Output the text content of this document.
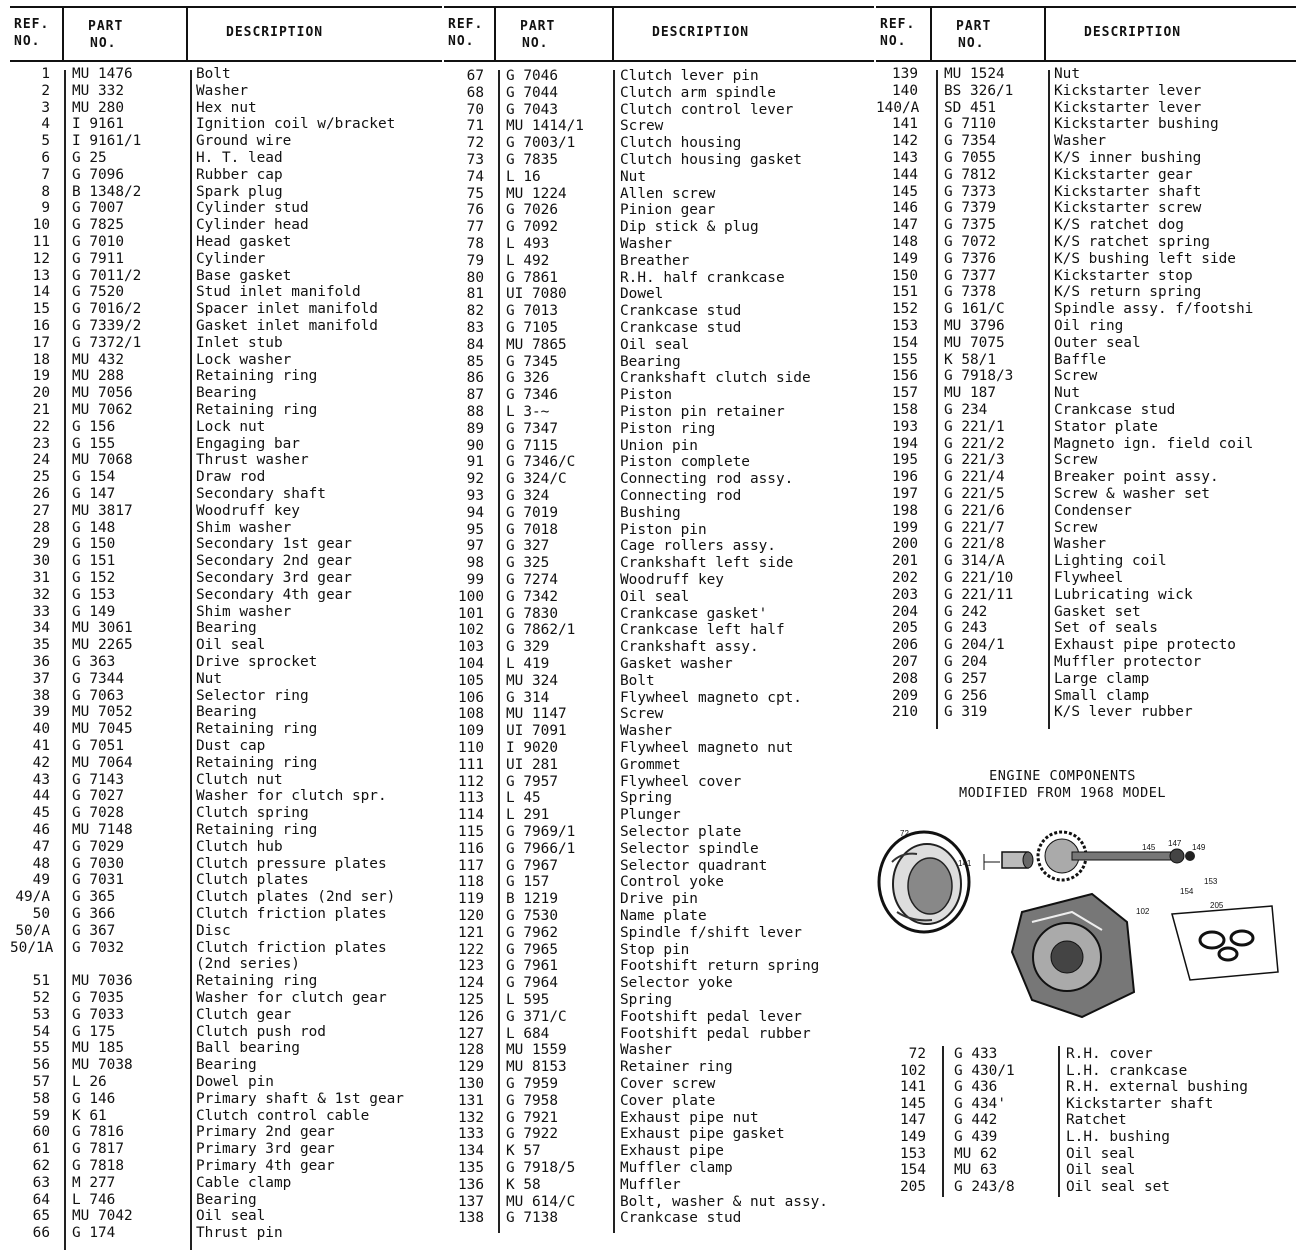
REF.
NO.
PART
NO.
DESCRIPTION
1 MU 1476	Bolt
2 MU 332	Washer
3 MU 280	Hex nut
4 I 9161	Ignition coil w/bracket
5 I 9161/1	Ground wire
6 G 25	H. T. lead
7 G 7096	Rubber cap
8 B 1348/2	Spark plug
9 G 7007	Cylinder stud
10 G 7825	Cylinder head
11 G 7010	Head gasket
12 G 7911	Cylinder
13 G 7011/2	Base gasket
14 G 7520	Stud inlet manifold
15 G 7016/2	Spacer inlet manifold
16 G 7339/2	Gasket inlet manifold
17 G 7372/1	Inlet stub
18 MU 432	Lock washer
19 MU 288	Retaining ring
20 MU 7056	Bearing
21 MU 7062	Retaining ring
22 G 156	Lock nut
23 G 155	Engaging bar
24 MU 7068	Thrust washer
25 G 154	Draw rod
26 G 147	Secondary shaft
27 MU 3817	Woodruff key
28 G 148	Shim washer
29 G 150	Secondary 1st gear
30 G 151	Secondary 2nd gear
31 G 152	Secondary 3rd gear
32 G 153	Secondary 4th gear
33 G 149	Shim washer
34 MU 3061	Bearing
35 MU 2265	Oil seal
36 G 363	Drive sprocket
37 G 7344	Nut
38 G 7063	Selector ring
39 MU 7052	Bearing
40 MU 7045	Retaining ring
41 G 7051	Dust cap
42 MU 7064	Retaining ring
43 G 7143	Clutch nut
44 G 7027	Washer for clutch spr.
45 G 7028	Clutch spring
46 MU 7148	Retaining ring
47 G 7029	Clutch hub
48 G 7030	Clutch pressure plates
49 G 7031	Clutch plates
49/A G 365	Clutch plates (2nd ser)
50 G 366	Clutch friction plates
50/A G 367	Disc
50/1A G 7032	Clutch friction plates
(2nd series)
51 MU 7036	Retaining ring
52 G 7035	Washer for clutch gear
53 G 7033	Clutch gear
54 G 175	Clutch push rod
55 MU 185	Ball bearing
56 MU 7038	Bearing
57 L 26	Dowel pin
58 G 146	Primary shaft & 1st gear
59 K 61	Clutch control cable
60 G 7816	Primary 2nd gear
61 G 7817	Primary 3rd gear
62 G 7818	Primary 4th gear
63 M 277	Cable clamp
64 L 746	Bearing
65 MU 7042	Oil seal
66 G 174	Thrust pin
REF.
NO.
PART
NO.
DESCRIPTION
67 G 7046	Clutch lever pin
68 G 7044	Clutch arm spindle
70 G 7043	Clutch control lever
71 MU 1414/1	Screw
72 G 7003/1	Clutch housing
73 G 7835	Clutch housing gasket
74 L 16	Nut
75 MU 1224	Allen screw
76 G 7026	Pinion gear
77 G 7092	Dip stick & plug
78 L 493	Washer
79 L 492	Breather
80 G 7861	R.H. half crankcase
81 UI 7080	Dowel
82 G 7013	Crankcase stud
83 G 7105	Crankcase stud
84 MU 7865	Oil seal
85 G 7345	Bearing
86 G 326	Crankshaft clutch side
87 G 7346	Piston
88 L 3-~	Piston pin retainer
89 G 7347	Piston ring
90 G 7115	Union pin
91 G 7346/C	Piston complete
92 G 324/C	Connecting rod assy.
93 G 324	Connecting rod
94 G 7019	Bushing
95 G 7018	Piston pin
97 G 327	Cage rollers assy.
98 G 325	Crankshaft left side
99 G 7274	Woodruff key
100 G 7342	Oil seal
101 G 7830	Crankcase gasket'
102 G 7862/1	Crankcase left half
103 G 329	Crankshaft assy.
104 L 419	Gasket washer
105 MU 324	Bolt
106 G 314	Flywheel magneto cpt.
108 MU 1147	Screw
109 UI 7091	Washer
110 I 9020	Flywheel magneto nut
111 UI 281	Grommet
112 G 7957	Flywheel cover
113 L 45	Spring
114 L 291	Plunger
115 G 7969/1	Selector plate
116 G 7966/1	Selector spindle
117 G 7967	Selector quadrant
118 G 157	Control yoke
119 B 1219	Drive pin
120 G 7530	Name plate
121 G 7962	Spindle f/shift lever
122 G 7965	Stop pin
123 G 7961	Footshift return spring
124 G 7964	Selector yoke
125 L 595	Spring
126 G 371/C	Footshift pedal lever
127 L 684	Footshift pedal rubber
128 MU 1559	Washer
129 MU 8153	Retainer ring
130 G 7959	Cover screw
131 G 7958	Cover plate
132 G 7921	Exhaust pipe nut
133 G 7922	Exhaust pipe gasket
134 K 57	Exhaust pipe
135 G 7918/5	Muffler clamp
136 K 58	Muffler
137 MU 614/C	Bolt, washer & nut assy.
138 G 7138	Crankcase stud
REF.
NO.
PART
NO.
DESCRIPTION
139 MU 1524	Nut
140 BS 326/1	Kickstarter lever
140/A SD 451	Kickstarter lever
141 G 7110	Kickstarter bushing
142 G 7354	Washer
143 G 7055	K/S inner bushing
144 G 7812	Kickstarter gear
145 G 7373	Kickstarter shaft
146 G 7379	Kickstarter screw
147 G 7375	K/S ratchet dog
148 G 7072	K/S ratchet spring
149 G 7376	K/S bushing left side
150 G 7377	Kickstarter stop
151 G 7378	K/S return spring
152 G 161/C	Spindle assy. f/footshi
153 MU 3796	Oil ring
154 MU 7075	Outer seal
155 K 58/1	Baffle
156 G 7918/3	Screw
157 MU 187	Nut
158 G 234	Crankcase stud
193 G 221/1	Stator plate
194 G 221/2	Magneto ign. field coil
195 G 221/3	Screw
196 G 221/4	Breaker point assy.
197 G 221/5	Screw & washer set
198 G 221/6	Condenser
199 G 221/7	Screw
200 G 221/8	Washer
201 G 314/A	Lighting coil
202 G 221/10	Flywheel
203 G 221/11	Lubricating wick
204 G 242	Gasket set
205 G 243	Set of seals
206 G 204/1	Exhaust pipe protecto
207 G 204	Muffler protector
208 G 257	Large clamp
209 G 256	Small clamp
210 G 319	K/S lever rubber
ENGINE COMPONENTS
MODIFIED FROM 1968 MODEL
72
141
145 147 149
154
153
102
205
72 G 433	R.H. cover
102 G 430/1	L.H. crankcase
141 G 436	R.H. external bushing
145 G 434'	Kickstarter shaft
147 G 442	Ratchet
149 G 439	L.H. bushing
153 MU 62	Oil seal
154 MU 63	Oil seal
205 G 243/8	Oil seal set
